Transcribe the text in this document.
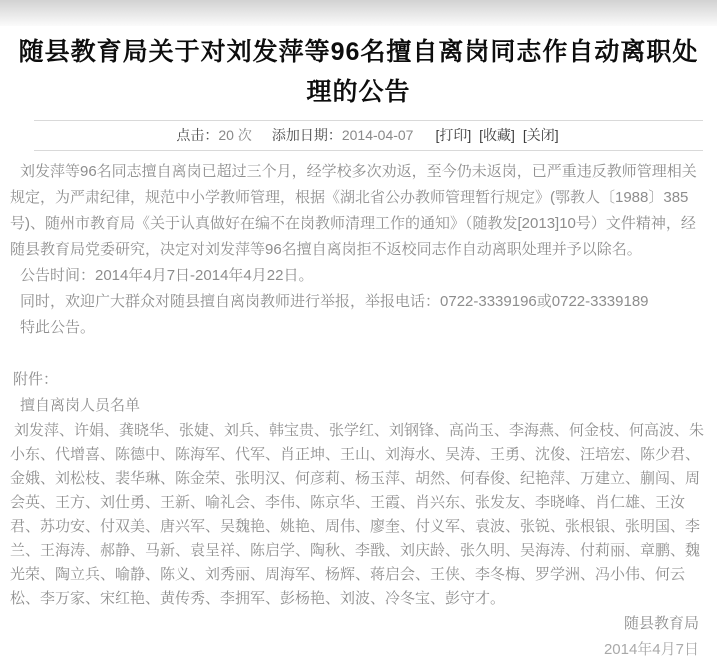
随县教育局关于对刘发萍等96名擅自离岗同志作自动离职处理的公告
点击：20 次 添加日期：2014-04-07 [打印] [收藏] [关闭]

刘发萍等96名同志擅自离岗已超过三个月，经学校多次劝返，至今仍未返岗，已严重违反教师管理相关规定，为严肃纪律，规范中小学教师管理，根据《湖北省公办教师管理暂行规定》(鄂教人〔1988〕385号)、随州市教育局《关于认真做好在编不在岗教师清理工作的通知》（随教发[2013]10号）文件精神，经随县教育局党委研究，决定对刘发萍等96名擅自离岗拒不返校同志作自动离职处理并予以除名。

公告时间：2014年4月7日-2014年4月22日。

同时，欢迎广大群众对随县擅自离岗教师进行举报，举报电话：0722-3339196或0722-3339189

特此公告。

附件：

擅自离岗人员名单

刘发萍、许娟、龚晓华、张婕、刘兵、韩宝贵、张学红、刘钢锋、高尚玉、李海燕、何金枝、何高波、朱小东、代增喜、陈德中、陈海军、代军、肖正坤、王山、刘海水、吴涛、王勇、沈俊、汪培宏、陈少君、金娥、刘松枝、裴华琳、陈金荣、张明汉、何彦莉、杨玉萍、胡然、何春俊、纪艳萍、万建立、蒯闯、周会英、王方、刘仕勇、王新、喻礼会、李伟、陈京华、王霞、肖兴东、张发友、李晓峰、肖仁雄、王汝君、苏功安、付双美、唐兴军、吴魏艳、姚艳、周伟、廖奎、付义军、袁波、张锐、张根银、张明国、李兰、王海涛、郝静、马新、袁呈祥、陈启学、陶秋、李戬、刘庆龄、张久明、吴海涛、付莉丽、章鹏、魏光荣、陶立兵、喻静、陈义、刘秀丽、周海军、杨辉、蒋启会、王侠、李冬梅、罗学洲、冯小伟、何云松、李万家、宋红艳、黄传秀、李拥军、彭杨艳、刘波、冷冬宝、彭守才。

随县教育局

2014年4月7日
